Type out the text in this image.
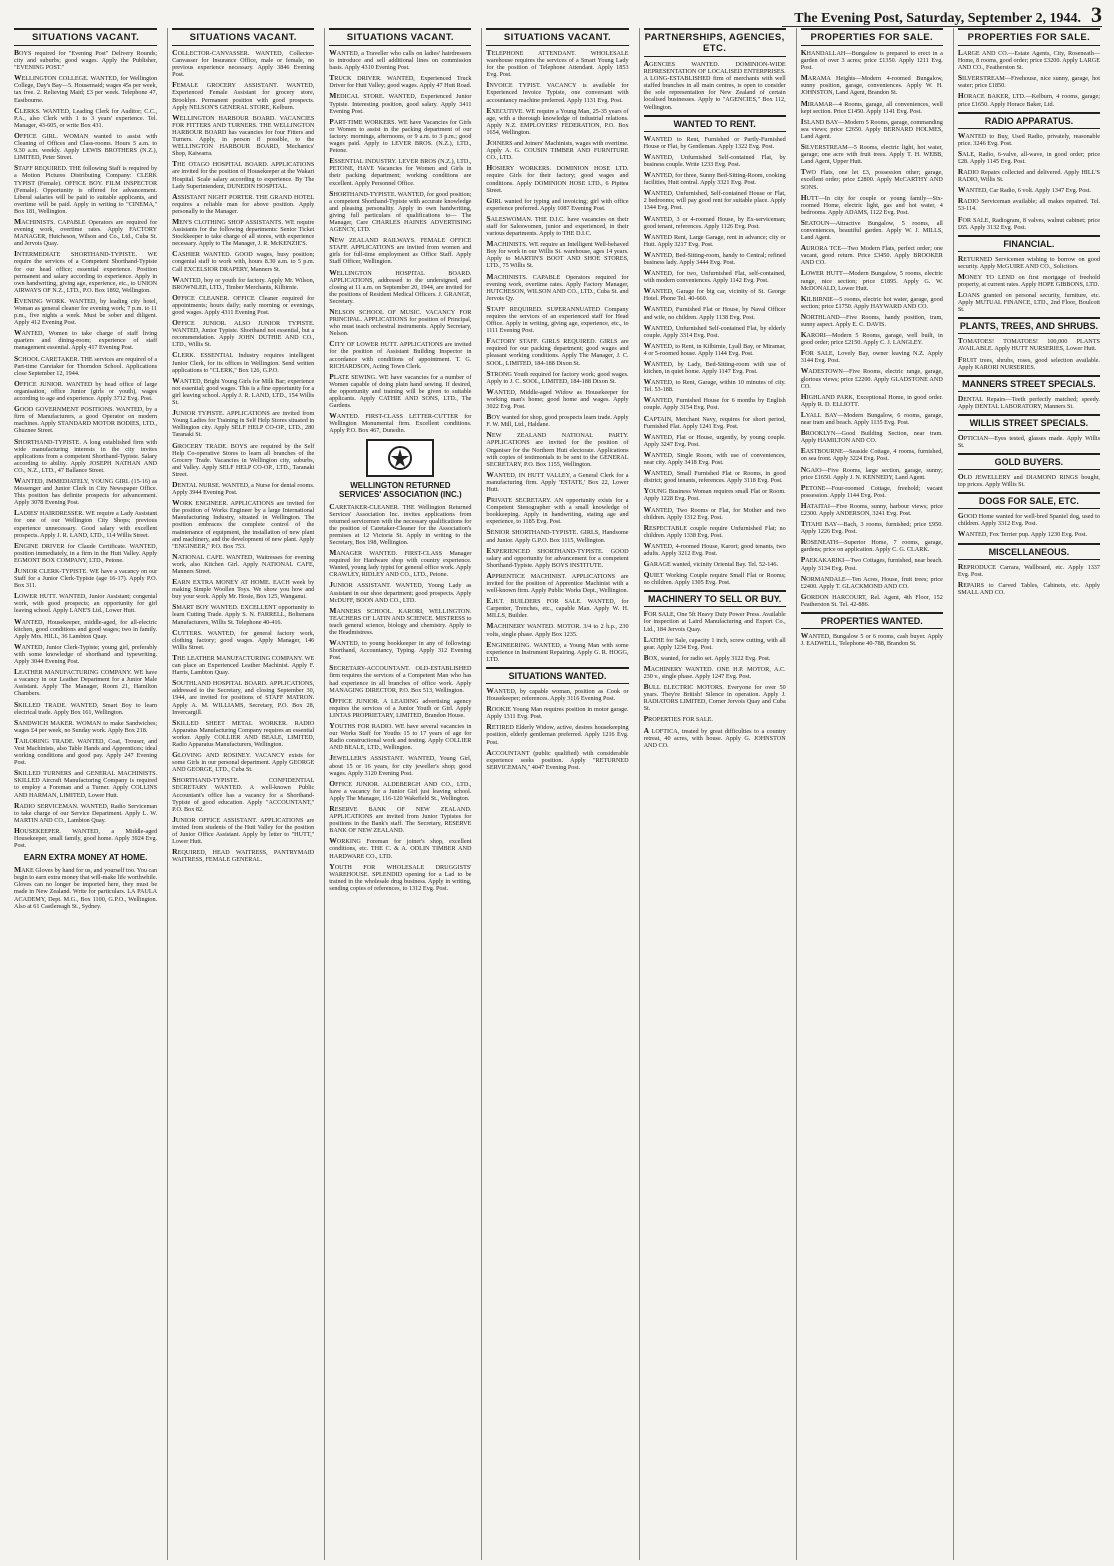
The Evening Post, Saturday, September 2, 1944. 3
SITUATIONS VACANT.

BOYS required for "Evening Post" Delivery Rounds; city and suburbs; good wages. Apply the Publisher, "EVENING POST."

WELLINGTON COLLEGE. WANTED, for Wellington College, Day's Bay—5. Housemaid; wages 45s per week, tax free. 2. Relieving Maid; £3 per week. Telephone 47, Eastbourne.

CLERKS. WANTED, Leading Clerk for Auditor; C.C., P.A., also Clerk with 1 to 3 years' experience. Tel. Manager, 43-605, or write Box 431.

OFFICE GIRL. WOMAN wanted to assist with Cleaning of Offices and Class-rooms. Hours 5 a.m. to 9.30 a.m. weekly. Apply LEWIS BROTHERS (N.Z.), LIMITED, Peter Street.

STAFF REQUIRED. THE following Staff is required by a Motion Pictures Distributing Company: CLERK TYPIST (Female). OFFICE BOY. FILM INSPECTOR (Female). Opportunity is offered for advancement. Liberal salaries will be paid to suitable applicants, and overtime will be paid. Apply in writing to "CINEMA," Box 181, Wellington.

MACHINISTS. CAPABLE Operators are required for evening work, overtime rates. Apply FACTORY MANAGER, Hutcheson, Wilson and Co., Ltd., Cuba St. and Jervois Quay.

INTERMEDIATE SHORTHAND-TYPISTE. WE require the services of a Competent Shorthand-Typiste for our head office; essential experience. Position permanent and salary according to experience. Apply in own handwriting, giving age, experience, etc., to UNION AIRWAYS OF N.Z., LTD., P.O. Box 1892, Wellington.

EVENING WORK. WANTED, by leading city hotel, Woman as general cleaner for evening work; 7 p.m. to 11 p.m., five nights a week. Must be sober and diligent. Apply 412 Evening Post.

WANTED, Women to take charge of staff living quarters and dining-room; experience of staff management essential. Apply 417 Evening Post.

SCHOOL CARETAKER. THE services are required of a Part-time Caretaker for Thorndon School. Applications close September 12, 1944.

OFFICE JUNIOR. WANTED by head office of large organisation, office Junior (girls or youth), wages according to age and experience. Apply 3712 Evg. Post.

GOOD GOVERNMENT POSITIONS. WANTED, by a firm of Manufacturers, a good Operator on modern machines. Apply STANDARD MOTOR BODIES, LTD., Ghuznee Street.

SHORTHAND-TYPISTE. A long established firm with wide manufacturing interests in the city invites applications from a competent Shorthand-Typiste. Salary according to ability. Apply JOSEPH NATHAN AND CO., N.Z., LTD., 47 Ballance Street.

WANTED, IMMEDIATELY, YOUNG GIRL (15-16) as Messenger and Junior Clerk in City Newspaper Office. This position has definite prospects for advancement. Apply 3078 Evening Post.

LADIES' HAIRDRESSER. WE require a Lady Assistant for one of our Wellington City Shops; previous experience unnecessary. Good salary with excellent prospects. Apply J. R. LAND, LTD., 114 Willis Street.

ENGINE DRIVER for Claude Certificate. WANTED, position immediately, in a firm in the Hutt Valley. Apply EGMONT BOX COMPANY, LTD., Petone.

JUNIOR CLERK-TYPISTE. WE have a vacancy on our Staff for a Junior Clerk-Typiste (age 16-17). Apply P.O. Box 311.

LOWER HUTT. WANTED, Junior Assistant; congenial work, with good prospects; an opportunity for girl leaving school. Apply LANE'S Ltd., Lower Hutt.

WANTED, Housekeeper, middle-aged, for all-electric kitchen, good conditions and good wages; two in family. Apply Mrs. HILL, 36 Lambton Quay.

WANTED, Junior Clerk-Typiste; young girl, preferably with some knowledge of shorthand and typewriting. Apply 3044 Evening Post.

LEATHER MANUFACTURING COMPANY. WE have a vacancy in our Leather Department for a Junior Male Assistant. Apply The Manager, Room 21, Hamilton Chambers.

SKILLED TRADE. WANTED, Smart Boy to learn electrical trade. Apply Box 161, Wellington.

SANDWICH MAKER. WOMAN to make Sandwiches; wages £4 per week, no Sunday work. Apply Box 218.

TAILORING TRADE. WANTED, Coat, Trouser, and Vest Machinists, also Table Hands and Apprentices; ideal working conditions and good pay. Apply 247 Evening Post.

SKILLED TURNERS and GENERAL MACHINISTS. SKILLED Aircraft Manufacturing Company is required to employ a Foreman and a Turner. Apply COLLINS AND HARMAN, LIMITED, Lower Hutt.

RADIO SERVICEMAN. WANTED, Radio Serviceman to take charge of our Service Department. Apply L. W. MARTIN AND CO., Lambton Quay.

HOUSEKEEPER. WANTED, a Middle-aged Housekeeper, small family, good home. Apply 3924 Evg. Post.

EARN EXTRA MONEY AT HOME.

MAKE Gloves by hand for us, and yourself too. You can begin to earn extra money that will-make life worthwhile. Gloves can no longer be imported here, they must be made in New Zealand. Write for particulars. LA PAULA ACADEMY, Dept. M.G., Box 1100, G.P.O., Wellington. Also at 61 Castlereagh St., Sydney.

SITUATIONS VACANT.

COLLECTOR-CANVASSER. WANTED, Collector-Canvasser for Insurance Office, male or female, no previous experience necessary. Apply 3846 Evening Post.

FEMALE GROCERY ASSISTANT. WANTED, Experienced Female Assistant for grocery store, Brooklyn. Permanent position with good prospects. Apply NELSON'S GENERAL STORE, Kelburn.

WELLINGTON HARBOUR BOARD. VACANCIES FOR FITTERS AND TURNERS. THE WELLINGTON HARBOUR BOARD has vacancies for four Fitters and Turners. Apply, in person if possible, to the WELLINGTON HARBOUR BOARD, Mechanics' Shop, Kaiwarra.

THE OTAGO HOSPITAL BOARD. APPLICATIONS are invited for the position of Housekeeper at the Wakari Hospital. Scale salary according to experience. By The Lady Superintendent, DUNEDIN HOSPITAL.

ASSISTANT NIGHT PORTER. THE GRAND HOTEL requires a reliable man for above position. Apply personally to the Manager.

MEN'S CLOTHING SHOP ASSISTANTS. WE require Assistants for the following departments: Senior Ticket Stockkeeper to take charge of all stores, with experience necessary. Apply to The Manager, J. R. McKENZIE'S.

CASHIER WANTED. GOOD wages, busy position; congenial staff to work with, hours 8.30 a.m. to 5 p.m. Call EXCELSIOR DRAPERY, Manners St.

WANTED, boy or youth for factory. Apply Mr. Wilson, BROWNLEE, LTD., Timber Merchants, Kilbirnie.

OFFICE CLEANER. OFFICE Cleaner required for appointments; hours daily; early morning or evenings, good wages. Apply 4311 Evening Post.

OFFICE JUNIOR. ALSO JUNIOR TYPISTE. WANTED, Junior Typiste. Shorthand not essential, but a recommendation. Apply JOHN DUTHIE AND CO., LTD., Willis St.

CLERK. ESSENTIAL Industry requires intelligent Junior Clerk, for its offices in Wellington. Send written applications to "CLERK," Box 126, G.P.O.

WANTED, Bright Young Girls for Milk Bar; experience not essential; good wages. This is a fine opportunity for a girl leaving school. Apply J. R. LAND, LTD., 154 Willis St.

JUNIOR TYPISTE. APPLICATIONS are invited from Young Ladies for Training in Self Help Stores situated in Wellington city. Apply SELF HELP CO-OP., LTD., 280 Taranaki St.

GROCERY TRADE. BOYS are required by the Self Help Co-operative Stores to learn all branches of the Grocery Trade. Vacancies in Wellington city, suburbs, and Valley. Apply SELF HELP CO-OP., LTD., Taranaki Street.

DENTAL NURSE. WANTED, a Nurse for dental rooms. Apply 3944 Evening Post.

WORK ENGINEER. APPLICATIONS are invited for the position of Works Engineer by a large International Manufacturing Industry, situated in Wellington. The position embraces the complete control of the maintenance of equipment, the installation of new plant and machinery, and the development of new plant. Apply "ENGINEER," P.O. Box 753.

NATIONAL CAFE. WANTED, Waitresses for evening work, also Kitchen Girl. Apply NATIONAL CAFE, Manners Street.

EARN EXTRA MONEY AT HOME. EACH week by making Simple Woollen Toys. We show you how and buy your work. Apply Mr. Hosie, Box 125, Wanganui.

SMART BOY WANTED. EXCELLENT opportunity to learn Cutting Trade. Apply S. N. FARRELL, Boltsmans Manufacturers, Willis St. Telephone 40-416.

CUTTERS. WANTED, for general factory work, clothing factory; good wages. Apply Manager, 146 Willis Street.

THE LEATHER MANUFACTURING COMPANY. WE can place an Experienced Leather Machinist. Apply F. Harris, Lambton Quay.

SOUTHLAND HOSPITAL BOARD. APPLICATIONS, addressed to the Secretary, and closing September 30, 1944, are invited for positions of STAFF MATRON. Apply A. M. WILLIAMS, Secretary, P.O. Box 28, Invercargill.

SKILLED SHEET METAL WORKER. RADIO Apparatus Manufacturing Company requires an essential worker. Apply COLLIER AND BEALE, LIMITED, Radio Apparatus Manufacturers, Wellington.

GLOVING AND ROSINEY. VACANCY exists for some Girls in our personal department. Apply GEORGE AND GEORGE, LTD., Cuba St.

SHORTHAND-TYPISTE. CONFIDENTIAL SECRETARY WANTED. A well-known Public Accountant's office has a vacancy for a Shorthand-Typiste of good education. Apply "ACCOUNTANT," P.O. Box 82.

JUNIOR OFFICE ASSISTANT. APPLICATIONS are invited from students of the Hutt Valley for the position of Junior Office Assistant. Apply by letter to "HUTT," Lower Hutt.

REQUIRED, HEAD WAITRESS, PANTRYMAID WAITRESS, FEMALE GENERAL.

SITUATIONS VACANT.

WANTED, a Traveller who calls on ladies' hairdressers to introduce and sell additional lines on commission basis. Apply 4310 Evening Post.

TRUCK DRIVER. WANTED, Experienced Truck Driver for Hutt Valley; good wages. Apply 47 Hutt Road.

MEDICAL STORE. WANTED, Experienced Junior Typiste. Interesting position, good salary. Apply 3411 Evening Post.

PART-TIME WORKERS. WE have Vacancies for Girls or Women to assist in the packing department of our factory: mornings, afternoons, or 9 a.m. to 3 p.m.; good wages paid. Apply to LEVER BROS. (N.Z.), LTD., Petone.

ESSENTIAL INDUSTRY. LEVER BROS (N.Z.), LTD., PETONE, HAVE Vacancies for Women and Girls in their packing department; working conditions are excellent. Apply Personnel Office.

SHORTHAND-TYPISTE. WANTED, for good position; a competent Shorthand-Typiste with accurate knowledge and pleasing personality. Apply in own handwriting, giving full particulars of qualifications to— The Manager, Care CHARLES HAINES ADVERTISING AGENCY, LTD.

NEW ZEALAND RAILWAYS. FEMALE OFFICE STAFF. APPLICATIONS are invited from women and girls for full-time employment as Office Staff. Apply Staff Officer, Wellington.

WELLINGTON HOSPITAL BOARD. APPLICATIONS, addressed to the undersigned, and closing at 11 a.m. on September 20, 1944, are invited for the positions of Resident Medical Officers. J. GRANGE, Secretary.

NELSON SCHOOL OF MUSIC. VACANCY FOR PRINCIPAL. APPLICATIONS for position of Principal, who must teach orchestral instruments. Apply Secretary, Nelson.

CITY OF LOWER HUTT. APPLICATIONS are invited for the position of Assistant Building Inspector in accordance with conditions of appointment. T. G. RICHARDSON, Acting Town Clerk.

PLATE SEWING. WE have vacancies for a number of Women capable of doing plain hand sewing. If desired, the opportunity and training will be given to suitable applicants. Apply CATHIE AND SONS, LTD., The Gardens.

WANTED. FIRST-CLASS LETTER-CUTTER for Wellington Monumental firm. Excellent conditions. Apply P.O. Box 467, Dunedin.

WELLINGTON RETURNED SERVICES' ASSOCIATION (INC.)

CARETAKER-CLEANER. THE Wellington Returned Services' Association Inc. invites applications from returned servicemen with the necessary qualifications for the position of Caretaker-Cleaner for the Association's premises at 12 Victoria St. Apply in writing to the Secretary, Box 198, Wellington.

MANAGER WANTED. FIRST-CLASS Manager required for Hardware shop with country experience. Wanted, young lady typist for general office work. Apply CRAWLEY, RIDLEY AND CO., LTD., Petone.

JUNIOR ASSISTANT. WANTED, Young Lady as Assistant in our shoe department; good prospects. Apply McDUFF, BOON AND CO., LTD.

MANNERS SCHOOL. KARORI, WELLINGTON. TEACHERS OF LATIN AND SCIENCE. MISTRESS to teach general science, biology and chemistry. Apply to the Headmistress.

WANTED, to young bookkeeper in any of following: Shorthand, Accountancy, Typing. Apply 312 Evening Post.

SECRETARY-ACCOUNTANT. OLD-ESTABLISHED firm requires the services of a Competent Man who has had experience in all branches of office work. Apply MANAGING DIRECTOR, P.O. Box 513, Wellington.

OFFICE JUNIOR. A LEADING advertising agency requires the services of a Junior Youth or Girl. Apply LINTAS PROPRIETARY, LIMITED, Brandon House.

YOUTHS FOR RADIO. WE have several vacancies in our Works Staff for Youths 15 to 17 years of age for Radio constructional work and testing. Apply COLLIER AND BEALE, LTD., Wellington.

JEWELLER'S ASSISTANT. WANTED, Young Girl, about 15 or 16 years, for city jeweller's shop; good wages. Apply 3120 Evening Post.

OFFICE JUNIOR. ALDEBERGH AND CO., LTD., have a vacancy for a Junior Girl just leaving school. Apply The Manager, 116-120 Wakefield St., Wellington.

RESERVE BANK OF NEW ZEALAND. APPLICATIONS are invited from Junior Typistes for positions in the Bank's staff. The Secretary, RESERVE BANK OF NEW ZEALAND.

WORKING Foreman for joiner's shop, excellent conditions, etc. THE C. & A. ODLIN TIMBER AND HARDWARE CO., LTD.

YOUTH FOR WHOLESALE DRUGGISTS' WAREHOUSE. SPLENDID opening for a Lad to be trained in the wholesale drug business. Apply in writing, sending copies of references, to 1312 Evg. Post.

SITUATIONS VACANT.

TELEPHONE ATTENDANT. WHOLESALE warehouse requires the services of a Smart Young Lady for the position of Telephone Attendant. Apply 1853 Evg. Post.

INVOICE TYPIST. VACANCY is available for Experienced Invoice Typiste, one conversant with accountancy machine preferred. Apply 1131 Evg. Post.

EXECUTIVE. WE require a Young Man, 25-35 years of age, with a thorough knowledge of industrial relations. Apply N.Z. EMPLOYERS' FEDERATION, P.O. Box 1654, Wellington.

JOINERS and Joiners' Machinists, wages with overtime. Apply A. G. COUSIN TIMBER AND FURNITURE CO., LTD.

HOSIERY WORKERS. DOMINION HOSE LTD. require Girls for their factory; good wages and conditions. Apply DOMINION HOSE LTD., 6 Pipitea Street.

GIRL wanted for typing and invoicing; girl with office experience preferred. Apply 1087 Evening Post.

SALESWOMAN. THE D.I.C. have vacancies on their staff for Saleswomen, junior and experienced, in their various departments. Apply to THE D.I.C.

MACHINISTS. WE require an Intelligent Well-behaved Boy for work in our Willis St. warehouse, ages 14 years. Apply to MARTIN'S BOOT AND SHOE STORES, LTD., 75 Willis St.

MACHINISTS. CAPABLE Operators required for evening work, overtime rates. Apply Factory Manager, HUTCHESON, WILSON AND CO., LTD., Cuba St. and Jervois Qy.

STAFF REQUIRED. SUPERANNUATED Company requires the services of an experienced staff for Head Office. Apply in writing, giving age, experience, etc., to 1111 Evening Post.

FACTORY STAFF. GIRLS REQUIRED. GIRLS are required for our packing department; good wages and pleasant working conditions. Apply The Manager, J. C. SOOL, LIMITED, 184-188 Dixon St.

STRONG Youth required for factory work; good wages. Apply to J. C. SOOL, LIMITED, 184-188 Dixon St.

WANTED, Middle-aged Widow as Housekeeper for working man's home; good home and wages. Apply 3022 Evg. Post.

BOY wanted for shop, good prospects learn trade. Apply F. W. Mill, Ltd., Haldane.

NEW ZEALAND NATIONAL PARTY. APPLICATIONS are invited for the position of Organiser for the Northern Hutt electorate. Applications with copies of testimonials to be sent to the GENERAL SECRETARY, P.O. Box 1155, Wellington.

WANTED, IN HUTT VALLEY, a General Clerk for a manufacturing firm. Apply 'ESTATE,' Box 22, Lower Hutt.

PRIVATE SECRETARY. AN opportunity exists for a Competent Stenographer with a small knowledge of bookkeeping. Apply in handwriting, stating age and experience, to 1185 Evg. Post.

SENIOR SHORTHAND-TYPISTE. GIRLS, Handsome and Junior. Apply G.P.O. Box 1115, Wellington.

EXPERIENCED SHORTHAND-TYPISTE. GOOD salary and opportunity for advancement for a competent Shorthand-Typiste. Apply BOYS INSTITUTE.

APPRENTICE MACHINIST. APPLICATIONS are invited for the position of Apprentice Machinist with a well-known firm. Apply Public Works Dept., Wellington.

E.H.T. BUILDERS FOR SALE. WANTED, for Carpenter, Trenches, etc., capable Man. Apply W. H. MILLS, Builder.

MACHINERY WANTED. MOTOR. 3/4 to 2 h.p., 230 volts, single phase. Apply Box 1235.

ENGINEERING. WANTED, a Young Man with some experience in Instrument Repairing. Apply G. R. HOGG, LTD.

SITUATIONS WANTED.

WANTED, by capable woman, position as Cook or Housekeeper; references. Apply 3116 Evening Post.

ROOKIE Young Man requires position in motor garage. Apply 1311 Evg. Post.

RETIRED Elderly Widow, active, desires housekeeping position, elderly gentleman preferred. Apply 1216 Evg. Post.

ACCOUNTANT (public qualified) with considerable experience seeks position. Apply "RETURNED SERVICEMAN," 4047 Evening Post.

PARTNERSHIPS, AGENCIES, ETC.

AGENCIES WANTED. DOMINION-WIDE REPRESENTATION OF LOCALISED ENTERPRISES. A LONG-ESTABLISHED firm of merchants with well staffed branches in all main centres, is open to consider the sole representation for New Zealand of certain localised businesses. Apply to "AGENCIES," Box 112, Wellington.

WANTED TO RENT.

WANTED to Rent, Furnished or Partly-Furnished House or Flat, by Gentleman. Apply 1322 Evg. Post.

WANTED, Unfurnished Self-contained Flat, by business couple. Write 1233 Evg. Post.

WANTED, for three, Sunny Bed-Sitting-Room, cooking facilities, Hutt central. Apply 3321 Evg. Post.

WANTED, Unfurnished, Self-contained House or Flat, 2 bedrooms; will pay good rent for suitable place. Apply 1344 Evg. Post.

WANTED, 3 or 4-roomed House, by Ex-serviceman; good tenant, references. Apply 1126 Evg. Post.

WANTED Rent, Large Garage, rent in advance; city or Hutt. Apply 3217 Evg. Post.

WANTED, Bed-Sitting-room, handy to Central; refined business lady. Apply 3444 Evg. Post.

WANTED, for two, Unfurnished Flat, self-contained, with modern conveniences. Apply 1142 Evg. Post.

WANTED, Garage for big car, vicinity of St. George Hotel. Phone Tel. 40-660.

WANTED, Furnished Flat or House, by Naval Officer and wife, no children. Apply 1138 Evg. Post.

WANTED, Unfurnished Self-contained Flat, by elderly couple. Apply 3314 Evg. Post.

WANTED, to Rent, in Kilbirnie, Lyall Bay, or Miramar, 4 or 5-roomed house. Apply 1144 Evg. Post.

WANTED, by Lady, Bed-Sitting-room with use of kitchen, in quiet home. Apply 1147 Evg. Post.

WANTED, to Rent, Garage, within 10 minutes of city. Tel. 53-188.

WANTED, Furnished House for 6 months by English couple. Apply 3154 Evg. Post.

CAPTAIN, Merchant Navy, requires for short period, Furnished Flat. Apply 1241 Evg. Post.

WANTED, Flat or House, urgently, by young couple. Apply 3247 Evg. Post.

WANTED, Single Room, with use of conveniences, near city. Apply 3418 Evg. Post.

WANTED, Small Furnished Flat or Rooms, in good district; good tenants, references. Apply 3118 Evg. Post.

YOUNG Business Woman requires small Flat or Room. Apply 1228 Evg. Post.

WANTED, Two Rooms or Flat, for Mother and two children. Apply 1312 Evg. Post.

RESPECTABLE couple require Unfurnished Flat; no children. Apply 1338 Evg. Post.

WANTED, 4-roomed House, Karori; good tenants, two adults. Apply 3212 Evg. Post.

GARAGE wanted, vicinity Oriental Bay. Tel. 52-146.

QUIET Working Couple require Small Flat or Rooms; no children. Apply 1305 Evg. Post.

MACHINERY TO SELL OR BUY.

FOR SALE, One 5ft Heavy Duty Power Press. Available for inspection at Laird Manufacturing and Export Co., Ltd., 184 Jervois Quay.

LATHE for Sale, capacity 1 inch, screw cutting, with all gear. Apply 1234 Evg. Post.

BOX, wanted, for radio set. Apply 3122 Evg. Post.

MACHINERY WANTED. ONE H.P. MOTOR, A.C. 230 v., single phase. Apply 1247 Evg. Post.

BULL ELECTRIC MOTORS. Everyone for over 50 years. They're British! Silence in operation. Apply J. RADIATORS LIMITED, Corner Jervois Quay and Cuba St.

PROPERTIES FOR SALE.

A LOFTICA, treated by great difficulties to a country retreat, 40 acres, with house. Apply G. JOHNSTON AND CO.

PROPERTIES FOR SALE.

KHANDALLAH—Bungalow is prepared to erect in a garden of over 3 acres; price £1350. Apply 1211 Evg. Post.

MARAMA Heights—Modern 4-roomed Bungalow, sunny position, garage, conveniences. Apply W. H. JOHNSTON, Land Agent, Brandon St.

MIRAMAR—4 Rooms, garage, all conveniences, well kept section. Price £1450. Apply 1141 Evg. Post.

ISLAND BAY—Modern 5 Rooms, garage, commanding sea views; price £2650. Apply BERNARD HOLMES, Land Agent.

SILVERSTREAM—5 Rooms, electric light, hot water, garage; one acre with fruit trees. Apply T. H. WEBB, Land Agent, Upper Hutt.

TWO Flats, one let £3, possession other; garage, excellent order; price £2800. Apply McCARTHY AND SONS.

HUTT—In city for couple or young family—Six-roomed Home, electric light, gas and hot water, 4 bedrooms. Apply ADAMS, 1122 Evg. Post.

SEATOUN—Attractive Bungalow, 5 rooms, all conveniences, beautiful garden. Apply W. J. MILLS, Land Agent.

AURORA TCE—Two Modern Flats, perfect order; one vacant, good return. Price £3450. Apply BROOKER AND CO.

LOWER HUTT—Modern Bungalow, 5 rooms, electric range, nice section; price £1895. Apply G. W. McDONALD, Lower Hutt.

KILBIRNIE—5 rooms, electric hot water, garage, good section; price £1750. Apply HAYWARD AND CO.

NORTHLAND—Five Rooms, handy position, tram, sunny aspect. Apply E. C. DAVIS.

KARORI—Modern 5 Rooms, garage, well built, in good order; price £2150. Apply C. J. LANGLEY.

FOR SALE, Lovely Bay, owner leaving N.Z. Apply 3144 Evg. Post.

WADESTOWN—Five Rooms, electric range, garage, glorious views; price £2200. Apply GLADSTONE AND CO.

HIGHLAND PARK, Exceptional Home, in good order. Apply R. D. ELLIOTT.

LYALL BAY—Modern Bungalow, 6 rooms, garage, near tram and beach. Apply 1135 Evg. Post.

BROOKLYN—Good Building Section, near tram. Apply HAMILTON AND CO.

EASTBOURNE—Seaside Cottage, 4 rooms, furnished, on sea front. Apply 3224 Evg. Post.

NGAIO—Five Rooms, large section, garage, sunny; price £1650. Apply J. N. KENNEDY, Land Agent.

PETONE—Four-roomed Cottage, freehold; vacant possession. Apply 1144 Evg. Post.

HATAITAI—Five Rooms, sunny, harbour views; price £2300. Apply ANDERSON, 3241 Evg. Post.

TITAHI BAY—Bach, 3 rooms, furnished; price £950. Apply 1226 Evg. Post.

ROSENEATH—Superior Home, 7 rooms, garage, gardens; price on application. Apply C. G. CLARK.

PAEKAKARIKI—Two Cottages, furnished, near beach. Apply 3134 Evg. Post.

NORMANDALE—Ten Acres, House, fruit trees; price £2400. Apply T. GLACKMOND AND CO.

GORDON HARCOURT, Rel. Agent, 4th Floor, 152 Featherston St. Tel. 42-886.

PROPERTIES WANTED.

WANTED, Bungalow 5 or 6 rooms, cash buyer. Apply J. EADWELL, Telephone 40-788, Brandon St.

PROPERTIES FOR SALE.

LARGE AND CO.—Estate Agents, City, Roseneath—Home, 8 rooms, good order; price £3200. Apply LARGE AND CO., Featherston St.

SILVERSTREAM—Fivehouse, nice sunny, garage, hot water; price £1850.

HORACE BAKER, LTD.—Kelburn, 4 rooms, garage; price £1650. Apply Horace Baker, Ltd.

RADIO APPARATUS.

WANTED to Buy, Used Radio, privately, reasonable price. 3246 Evg. Post.

SALE, Radio, 6-valve, all-wave, in good order; price £28. Apply 1145 Evg. Post.

RADIO Repairs collected and delivered. Apply HILL'S RADIO, Willis St.

WANTED, Car Radio, 6 volt. Apply 1347 Evg. Post.

RADIO Serviceman available; all makes repaired. Tel. 53-114.

FOR SALE, Radiogram, 8 valves, walnut cabinet; price £65. Apply 3132 Evg. Post.

FINANCIAL.

RETURNED Servicemen wishing to borrow on good security. Apply McGUIRE AND CO., Solicitors.

MONEY TO LEND on first mortgage of freehold property, at current rates. Apply HOPE GIBBONS, LTD.

LOANS granted on personal security, furniture, etc. Apply MUTUAL FINANCE, LTD., 2nd Floor, Boulcott St.

PLANTS, TREES, AND SHRUBS.

TOMATOES! TOMATOES! 100,000 PLANTS AVAILABLE. Apply HUTT NURSERIES, Lower Hutt.

FRUIT trees, shrubs, roses, good selection available. Apply KARORI NURSERIES.

MANNERS STREET SPECIALS.

DENTAL Repairs—Teeth perfectly matched; speedy. Apply DENTAL LABORATORY, Manners St.

WILLIS STREET SPECIALS.

OPTICIAN—Eyes tested, glasses made. Apply Willis St.

GOLD BUYERS.

OLD JEWELLERY and DIAMOND RINGS bought, top prices. Apply Willis St.

DOGS FOR SALE, ETC.

GOOD Home wanted for well-bred Spaniel dog, used to children. Apply 3312 Evg. Post.

WANTED, Fox Terrier pup. Apply 1230 Evg. Post.

MISCELLANEOUS.

REPRODUCE Carrara, Wallboard, etc. Apply 1337 Evg. Post.

REPAIRS to Carved Tables, Cabinets, etc. Apply SMALL AND CO.
